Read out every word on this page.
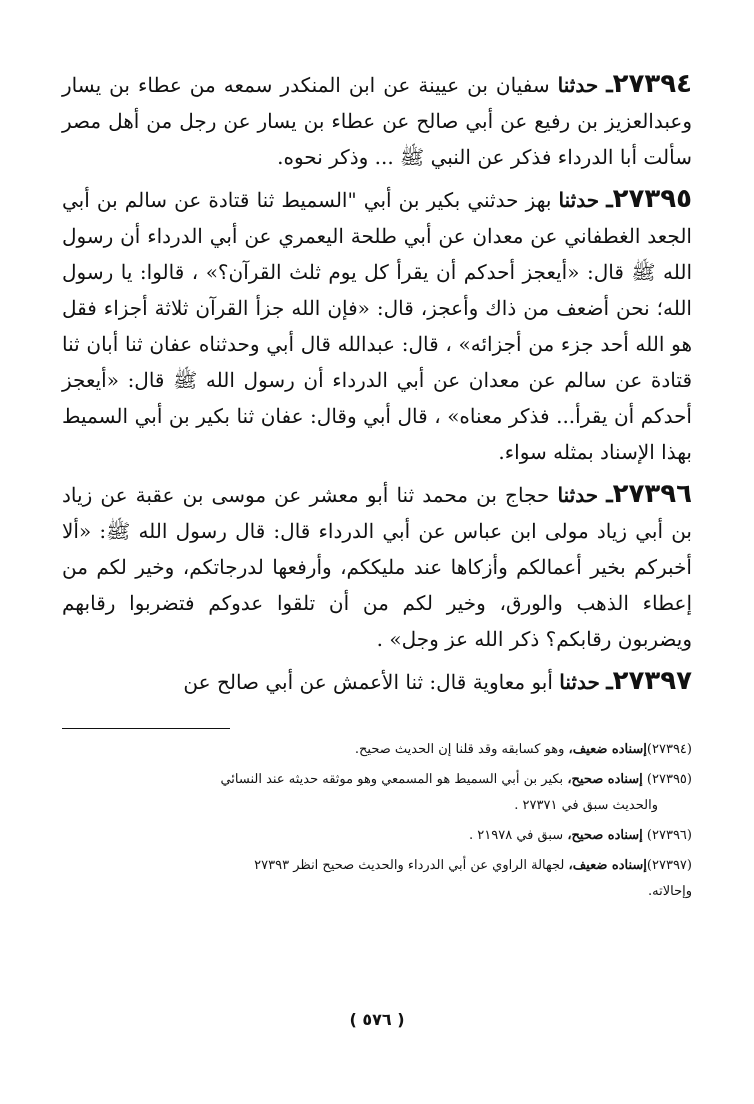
٢٧٣٩٤ـ حدثنا سفيان بن عيينة عن ابن المنكدر سمعه من عطاء بن يسار وعبدالعزيز بن رفيع عن أبي صالح عن عطاء بن يسار عن رجل من أهل مصر سألت أبا الدرداء فذكر عن النبي ﷺ ... وذكر نحوه.

٢٧٣٩٥ـ حدثنا بهز حدثني بكير بن أبي "السميط ثنا قتادة عن سالم بن أبي الجعد الغطفاني عن معدان عن أبي طلحة اليعمري عن أبي الدرداء أن رسول الله ﷺ قال: «أيعجز أحدكم أن يقرأ كل يوم ثلث القرآن؟» ، قالوا: يا رسول الله؛ نحن أضعف من ذاك وأعجز، قال: «فإن الله جزأ القرآن ثلاثة أجزاء فقل هو الله أحد جزء من أجزائه» ، قال: عبدالله قال أبي وحدثناه عفان ثنا أبان ثنا قتادة عن سالم عن معدان عن أبي الدرداء أن رسول الله ﷺ قال: «أيعجز أحدكم أن يقرأ... فذكر معناه» ، قال أبي وقال: عفان ثنا بكير بن أبي السميط بهذا الإسناد بمثله سواء.

٢٧٣٩٦ـ حدثنا حجاج بن محمد ثنا أبو معشر عن موسى بن عقبة عن زياد بن أبي زياد مولى ابن عباس عن أبي الدرداء قال: قال رسول الله ﷺ: «ألا أخبركم بخير أعمالكم وأزكاها عند مليككم، وأرفعها لدرجاتكم، وخير لكم من إعطاء الذهب والورق، وخير لكم من أن تلقوا عدوكم فتضربوا رقابهم ويضربون رقابكم؟ ذكر الله عز وجل» .

٢٧٣٩٧ـ حدثنا أبو معاوية قال: ثنا الأعمش عن أبي صالح عن

(٢٧٣٩٤)إسناده ضعيف، وهو كسابقه وقد قلنا إن الحديث صحيح.
(٢٧٣٩٥) إسناده صحيح، بكير بن أبي السميط هو المسمعي وهو موثقه حديثه عند النسائي
والحديث سبق في ٢٧٣٧١ .
(٢٧٣٩٦) إسناده صحيح، سبق في ٢١٩٧٨ .
(٢٧٣٩٧)إسناده ضعيف، لجهالة الراوي عن أبي الدرداء والحديث صحيح انظر ٢٧٣٩٣
وإحالاته.
( ٥٧٦ )
